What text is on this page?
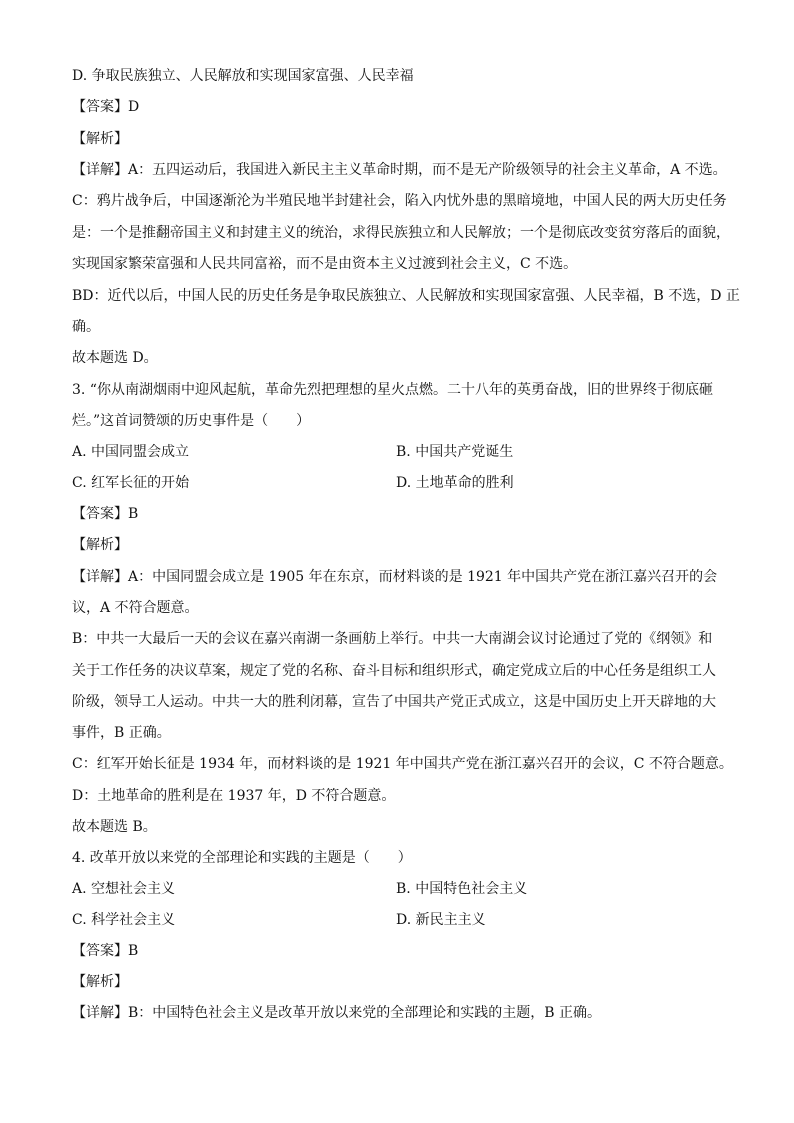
D. 争取民族独立、人民解放和实现国家富强、人民幸福
【答案】D
【解析】
【详解】A：五四运动后，我国进入新民主主义革命时期，而不是无产阶级领导的社会主义革命，A 不选。
C：鸦片战争后，中国逐渐沦为半殖民地半封建社会，陷入内忧外患的黑暗境地，中国人民的两大历史任务
是：一个是推翻帝国主义和封建主义的统治，求得民族独立和人民解放；一个是彻底改变贫穷落后的面貌，
实现国家繁荣富强和人民共同富裕，而不是由资本主义过渡到社会主义，C 不选。
BD：近代以后，中国人民的历史任务是争取民族独立、人民解放和实现国家富强、人民幸福，B 不选，D 正
确。
故本题选 D。
3. “你从南湖烟雨中迎风起航，革命先烈把理想的星火点燃。二十八年的英勇奋战，旧的世界终于彻底砸
烂。”这首词赞颂的历史事件是（　　）
A. 中国同盟会成立	B. 中国共产党诞生
C. 红军长征的开始	D. 土地革命的胜利
【答案】B
【解析】
【详解】A：中国同盟会成立是 1905 年在东京，而材料谈的是 1921 年中国共产党在浙江嘉兴召开的会
议，A 不符合题意。
B：中共一大最后一天的会议在嘉兴南湖一条画舫上举行。中共一大南湖会议讨论通过了党的《纲领》和
关于工作任务的决议草案，规定了党的名称、奋斗目标和组织形式，确定党成立后的中心任务是组织工人
阶级，领导工人运动。中共一大的胜利闭幕，宣告了中国共产党正式成立，这是中国历史上开天辟地的大
事件，B 正确。
C：红军开始长征是 1934 年，而材料谈的是 1921 年中国共产党在浙江嘉兴召开的会议，C 不符合题意。
D：土地革命的胜利是在 1937 年，D 不符合题意。
故本题选 B。
4. 改革开放以来党的全部理论和实践的主题是（　　）
A. 空想社会主义	B. 中国特色社会主义
C. 科学社会主义	D. 新民主主义
【答案】B
【解析】
【详解】B：中国特色社会主义是改革开放以来党的全部理论和实践的主题，B 正确。
